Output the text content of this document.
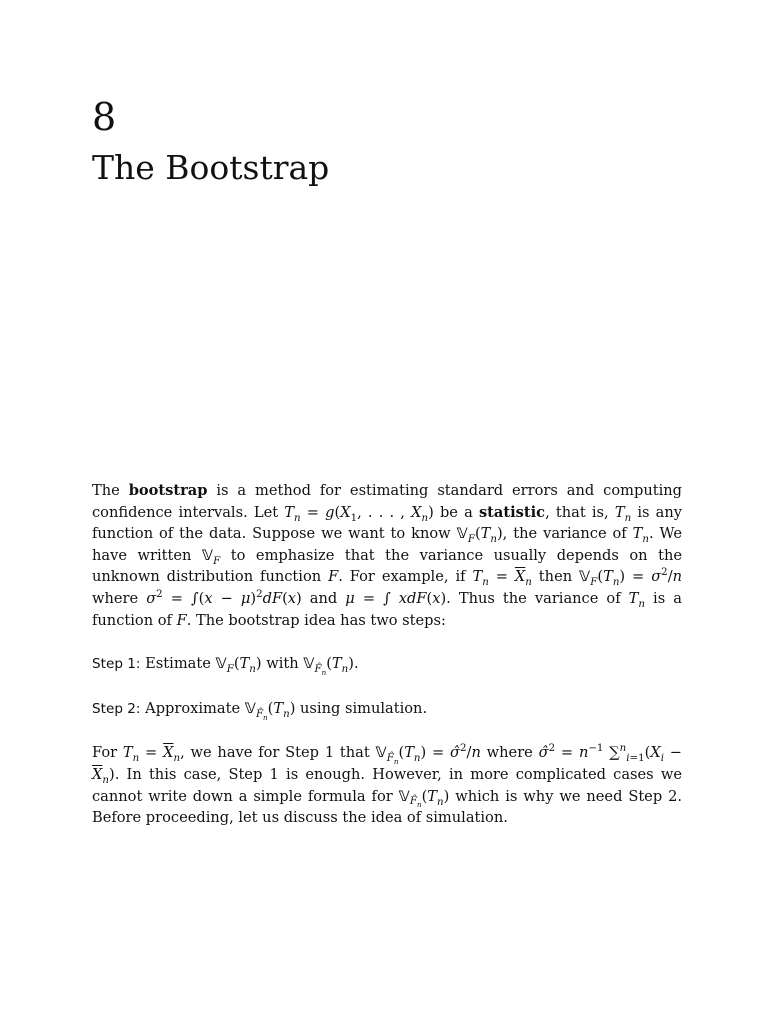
8
The Bootstrap

The bootstrap is a method for estimating standard errors and computing confidence intervals. Let $T_n = g(X_1$, . . . , $X_n$) be a statistic, that is, $T_n$ is any function of the data. Suppose we want to know $𝕍_F(T_n)$, the variance of $T_n$. We have written 𝕍$_F$ to emphasize that the variance usually depends on the unknown distribution function F. For example, if $T_n = \overline{X}_n$ then $𝕍_F(T_n) = \sigma^2/n$ where $\sigma^2 = \int(x - \mu)^2dF(x)$ and μ = ∫ xdF(x). Thus the variance of $T_n$ is a function of F. The bootstrap idea has two steps:

Step 1: Estimate $𝕍_F(T_n)$ with $𝕍_{F̂_n}(T_n)$.

Step 2: Approximate $𝕍_{F̂_n}(T_n)$ using simulation.

For $T_n = \overline{X}_n$, we have for Step 1 that $𝕍_{F̂_n}(T_n)$ = σ̂$^2$/n where σ̂$^2$ = $n^{-1}$ $\sum^n_{i=1}(X_i - \overline{X}_n)$. In this case, Step 1 is enough. However, in more complicated cases we cannot write down a simple formula for $𝕍_{F̂_n}(T_n)$ which is why we need Step 2. Before proceeding, let us discuss the idea of simulation.
